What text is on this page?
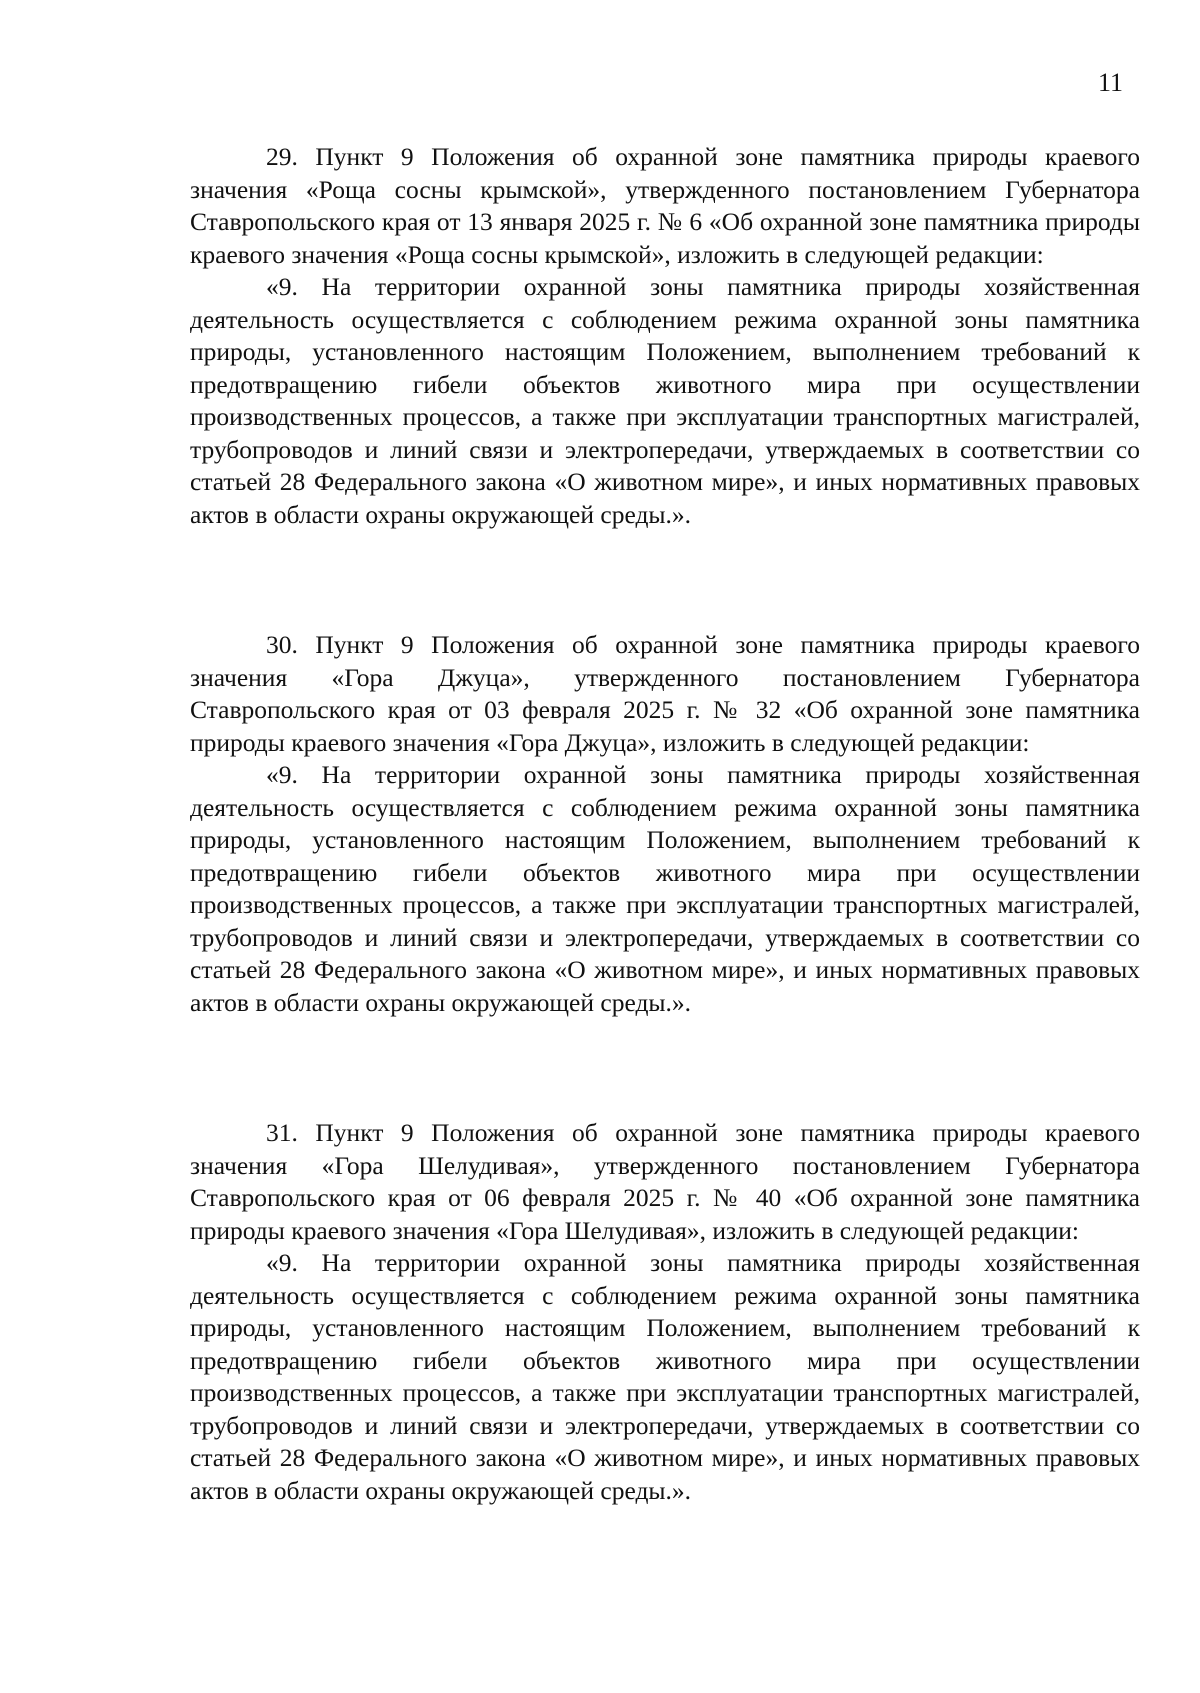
11

29. Пункт 9 Положения об охранной зоне памятника природы краевого значения «Роща сосны крымской», утвержденного постановлением Губернатора Ставропольского края от 13 января 2025 г. № 6 «Об охранной зоне памятника природы краевого значения «Роща сосны крымской», изложить в следующей редакции:

«9. На территории охранной зоны памятника природы хозяйственная деятельность осуществляется с соблюдением режима охранной зоны памятника природы, установленного настоящим Положением, выполнением требований к предотвращению гибели объектов животного мира при осуществлении производственных процессов, а также при эксплуатации транспортных магистралей, трубопроводов и линий связи и электропередачи, утверждаемых в соответствии со статьей 28 Федерального закона «О животном мире», и иных нормативных правовых актов в области охраны окружающей среды.».

30. Пункт 9 Положения об охранной зоне памятника природы краевого значения «Гора Джуца», утвержденного постановлением Губернатора Ставропольского края от 03 февраля 2025 г. № 32 «Об охранной зоне памятника природы краевого значения «Гора Джуца», изложить в следующей редакции:

«9. На территории охранной зоны памятника природы хозяйственная деятельность осуществляется с соблюдением режима охранной зоны памятника природы, установленного настоящим Положением, выполнением требований к предотвращению гибели объектов животного мира при осуществлении производственных процессов, а также при эксплуатации транспортных магистралей, трубопроводов и линий связи и электропередачи, утверждаемых в соответствии со статьей 28 Федерального закона «О животном мире», и иных нормативных правовых актов в области охраны окружающей среды.».

31. Пункт 9 Положения об охранной зоне памятника природы краевого значения «Гора Шелудивая», утвержденного постановлением Губернатора Ставропольского края от 06 февраля 2025 г. № 40 «Об охранной зоне памятника природы краевого значения «Гора Шелудивая», изложить в следующей редакции:

«9. На территории охранной зоны памятника природы хозяйственная деятельность осуществляется с соблюдением режима охранной зоны памятника природы, установленного настоящим Положением, выполнением требований к предотвращению гибели объектов животного мира при осуществлении производственных процессов, а также при эксплуатации транспортных магистралей, трубопроводов и линий связи и электропередачи, утверждаемых в соответствии со статьей 28 Федерального закона «О животном мире», и иных нормативных правовых актов в области охраны окружающей среды.».
